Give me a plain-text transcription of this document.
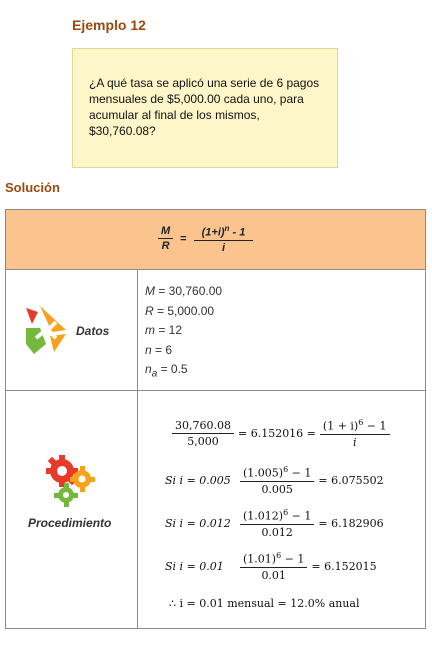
Ejemplo 12
¿A qué tasa se aplicó una serie de 6 pagos mensuales de $5,000.00 cada uno, para acumular al final de los mismos, $30,760.08?
Solución
$\frac{M}{R} = \frac{(1+i)^n - 1}{i}$
Datos
M = 30,760.00
R = 5,000.00
m = 12
n = 6
$n_a = 0.5$
Procedimiento
$\frac{30,760.08}{5,000} = 6.152016 = \frac{(1 + i)^6 - 1}{i}$
Si $i = 0.005 \frac{(1.005)^6 - 1}{0.005} = 6.075502$
Si $i = 0.012 \frac{(1.012)^6 - 1}{0.012} = 6.182906$
Si i = 0.01	$\frac{(1.01)^6 - 1}{0.01} = 6.152015$
∴ i = 0.01 mensual = 12.0% anual
